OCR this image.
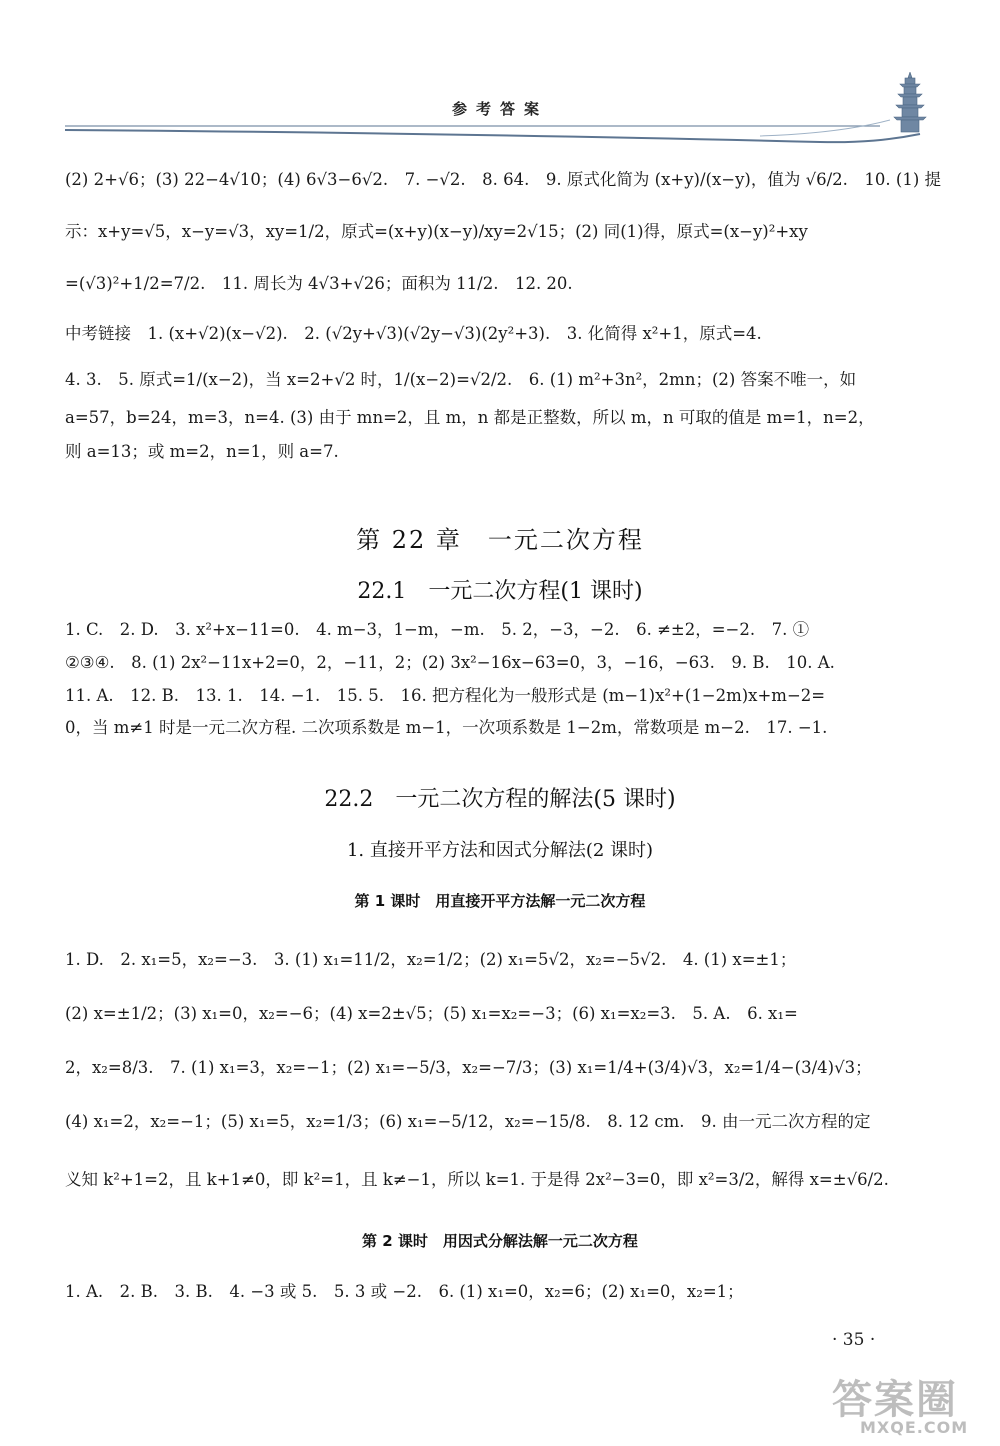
参考答案
(2) 2+√6；(3) 22−4√10；(4) 6√3−6√2.　7. −√2.　8. 64.　9. 原式化简为 (x+y)/(x−y)，值为 √6/2.　10. (1) 提
示：x+y=√5，x−y=√3，xy=1/2，原式=(x+y)(x−y)/xy=2√15；(2) 同(1)得，原式=(x−y)²+xy
=(√3)²+1/2=7/2.　11. 周长为 4√3+√26；面积为 11/2.　12. 20.
中考链接　1. (x+√2)(x−√2).　2. (√2y+√3)(√2y−√3)(2y²+3).　3. 化简得 x²+1，原式=4.
4. 3.　5. 原式=1/(x−2)，当 x=2+√2 时，1/(x−2)=√2/2.　6. (1) m²+3n²，2mn；(2) 答案不唯一，如
a=57，b=24，m=3，n=4. (3) 由于 mn=2，且 m，n 都是正整数，所以 m，n 可取的值是 m=1，n=2，
则 a=13；或 m=2，n=1，则 a=7.
第 22 章　一元二次方程
22.1　一元二次方程(1 课时)
1. C.　2. D.　3. x²+x−11=0.　4. m−3，1−m，−m.　5. 2，−3，−2.　6. ≠±2，=−2.　7. ①
②③④.　8. (1) 2x²−11x+2=0，2，−11，2；(2) 3x²−16x−63=0，3，−16，−63.　9. B.　10. A.
11. A.　12. B.　13. 1.　14. −1.　15. 5.　16. 把方程化为一般形式是 (m−1)x²+(1−2m)x+m−2=
0，当 m≠1 时是一元二次方程. 二次项系数是 m−1，一次项系数是 1−2m，常数项是 m−2.　17. −1.
22.2　一元二次方程的解法(5 课时)
1. 直接开平方法和因式分解法(2 课时)
第 1 课时　用直接开平方法解一元二次方程
1. D.　2. x₁=5，x₂=−3.　3. (1) x₁=11/2，x₂=1/2；(2) x₁=5√2，x₂=−5√2.　4. (1) x=±1；
(2) x=±1/2；(3) x₁=0，x₂=−6；(4) x=2±√5；(5) x₁=x₂=−3；(6) x₁=x₂=3.　5. A.　6. x₁=
2，x₂=8/3.　7. (1) x₁=3，x₂=−1；(2) x₁=−5/3，x₂=−7/3；(3) x₁=1/4+(3/4)√3，x₂=1/4−(3/4)√3；
(4) x₁=2，x₂=−1；(5) x₁=5，x₂=1/3；(6) x₁=−5/12，x₂=−15/8.　8. 12 cm.　9. 由一元二次方程的定
义知 k²+1=2，且 k+1≠0，即 k²=1，且 k≠−1，所以 k=1. 于是得 2x²−3=0，即 x²=3/2，解得 x=±√6/2.
第 2 课时　用因式分解法解一元二次方程
1. A.　2. B.　3. B.　4. −3 或 5.　5. 3 或 −2.　6. (1) x₁=0，x₂=6；(2) x₁=0，x₂=1；
· 35 ·
答案圈
MXQE.COM
